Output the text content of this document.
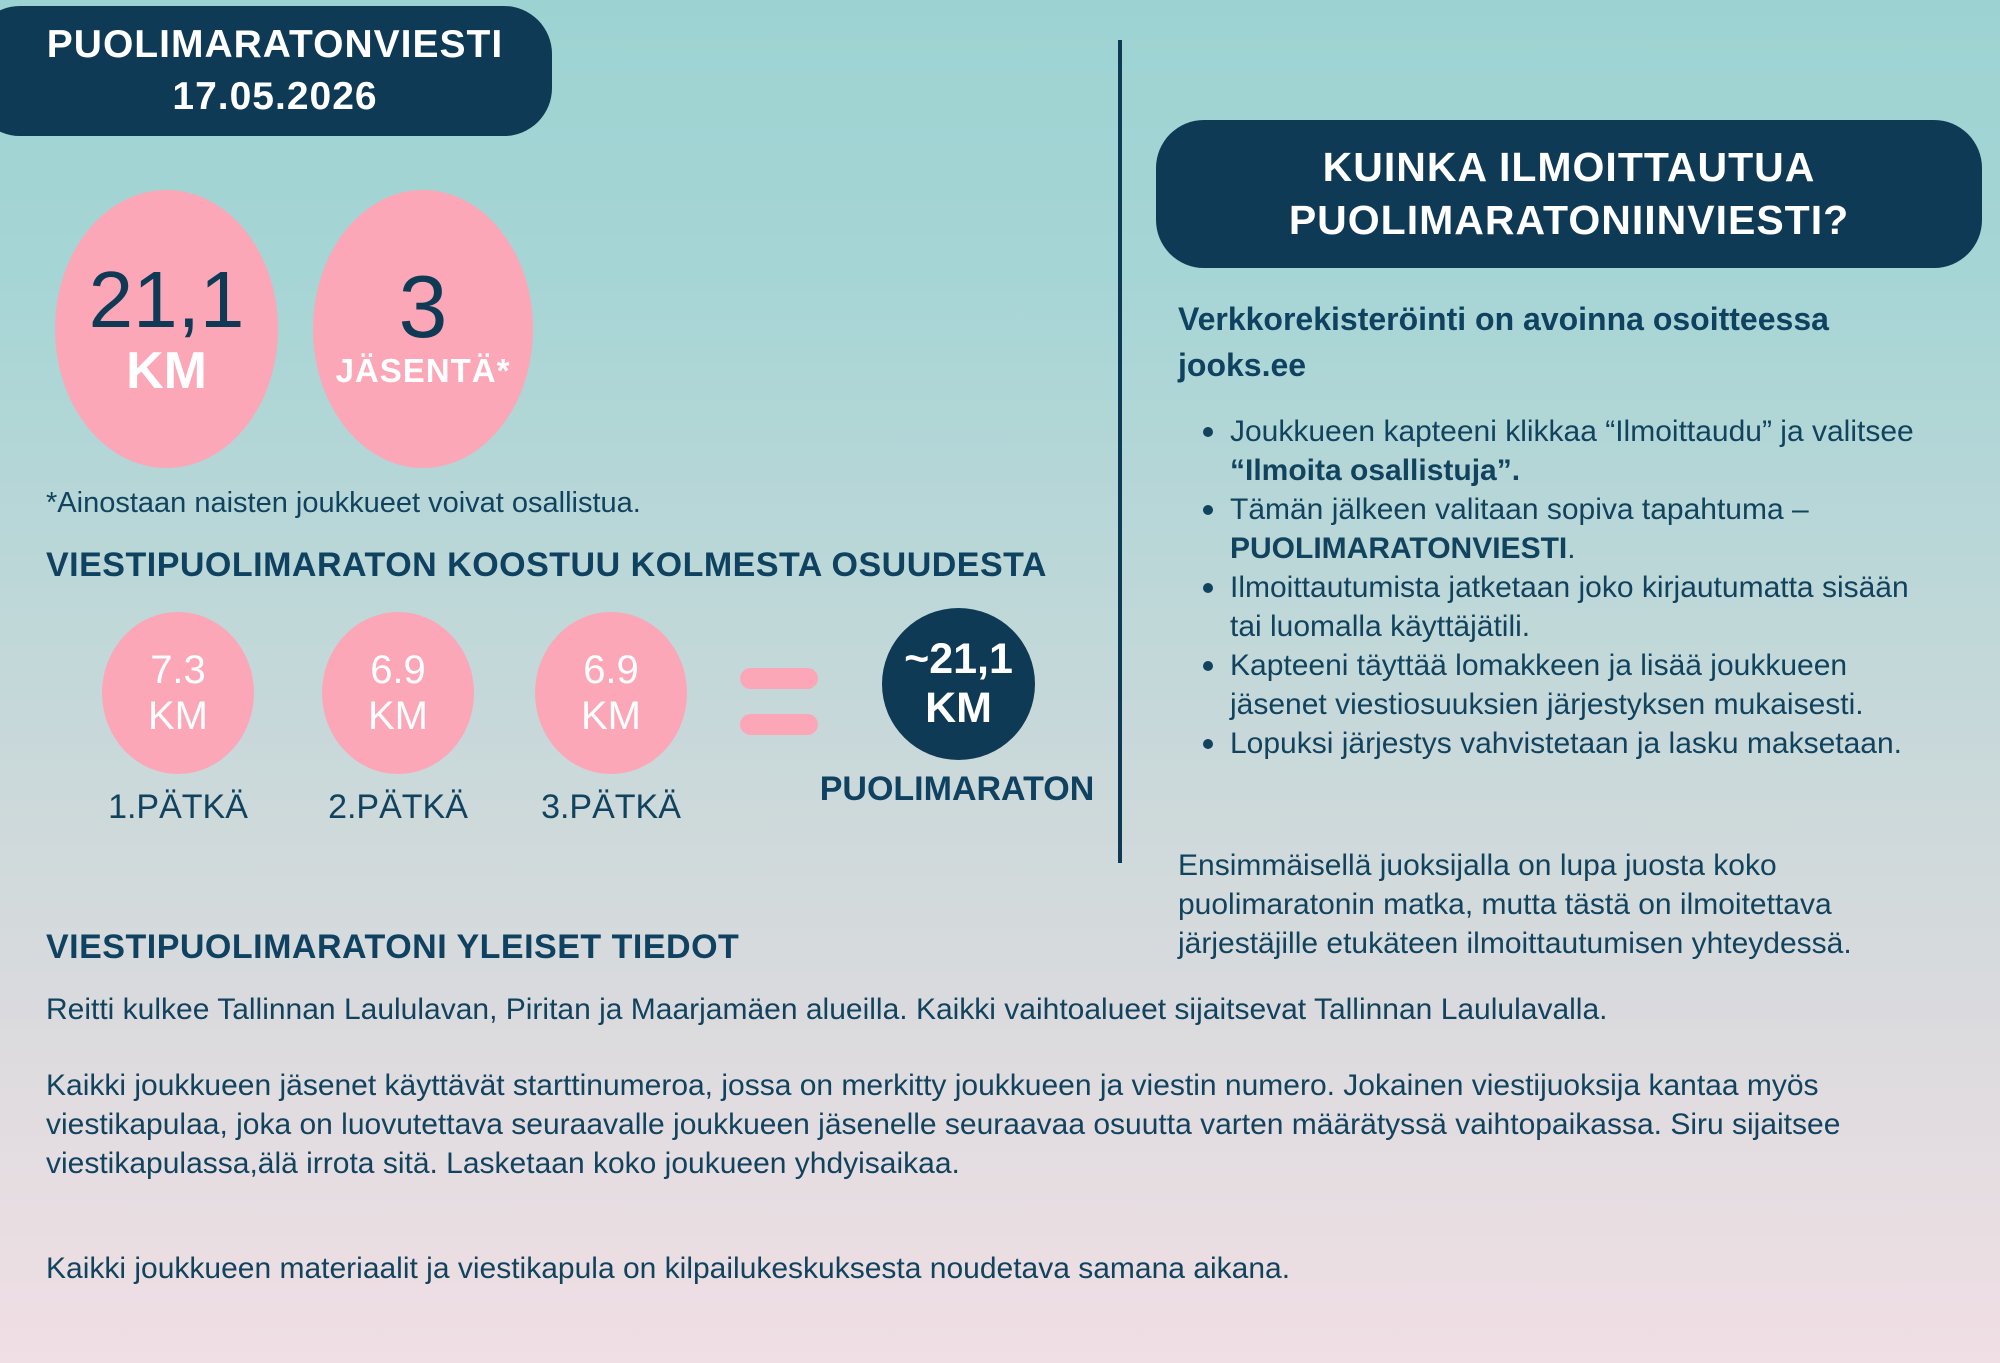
PUOLIMARATONVIESTI
17.05.2026
21,1
KM
3
JÄSENTÄ*
*Ainostaan naisten joukkueet voivat osallistua.
VIESTIPUOLIMARATON KOOSTUU KOLMESTA OSUUDESTA
7.3
KM
6.9
KM
6.9
KM
1.PÄTKÄ	2.PÄTKÄ	3.PÄTKÄ
~21,1
KM
PUOLIMARATON
KUINKA ILMOITTAUTUA
PUOLIMARATONIINVIESTI?
Verkkorekisteröinti on avoinna osoitteessa jooks.ee
Joukkueen kapteeni klikkaa “Ilmoittaudu” ja valitsee “Ilmoita osallistuja”.
Tämän jälkeen valitaan sopiva tapahtuma – PUOLIMARATONVIESTI.
Ilmoittautumista jatketaan joko kirjautumatta sisään tai luomalla käyttäjätili.
Kapteeni täyttää lomakkeen ja lisää joukkueen jäsenet viestiosuuksien järjestyksen mukaisesti.
Lopuksi järjestys vahvistetaan ja lasku maksetaan.
Ensimmäisellä juoksijalla on lupa juosta koko puolimaratonin matka, mutta tästä on ilmoitettava järjestäjille etukäteen ilmoittautumisen yhteydessä.
VIESTIPUOLIMARATONI YLEISET TIEDOT

Reitti kulkee Tallinnan Laululavan, Piritan ja Maarjamäen alueilla. Kaikki vaihtoalueet sijaitsevat Tallinnan Laululavalla.

Kaikki joukkueen jäsenet käyttävät starttinumeroa, jossa on merkitty joukkueen ja viestin numero. Jokainen viestijuoksija kantaa myös viestikapulaa, joka on luovutettava seuraavalle joukkueen jäsenelle seuraavaa osuutta varten määrätyssä vaihtopaikassa. Siru sijaitsee viestikapulassa,älä irrota sitä. Lasketaan koko joukueen yhdyisaikaa.

Kaikki joukkueen materiaalit ja viestikapula on kilpailukeskuksesta noudetava samana aikana.
